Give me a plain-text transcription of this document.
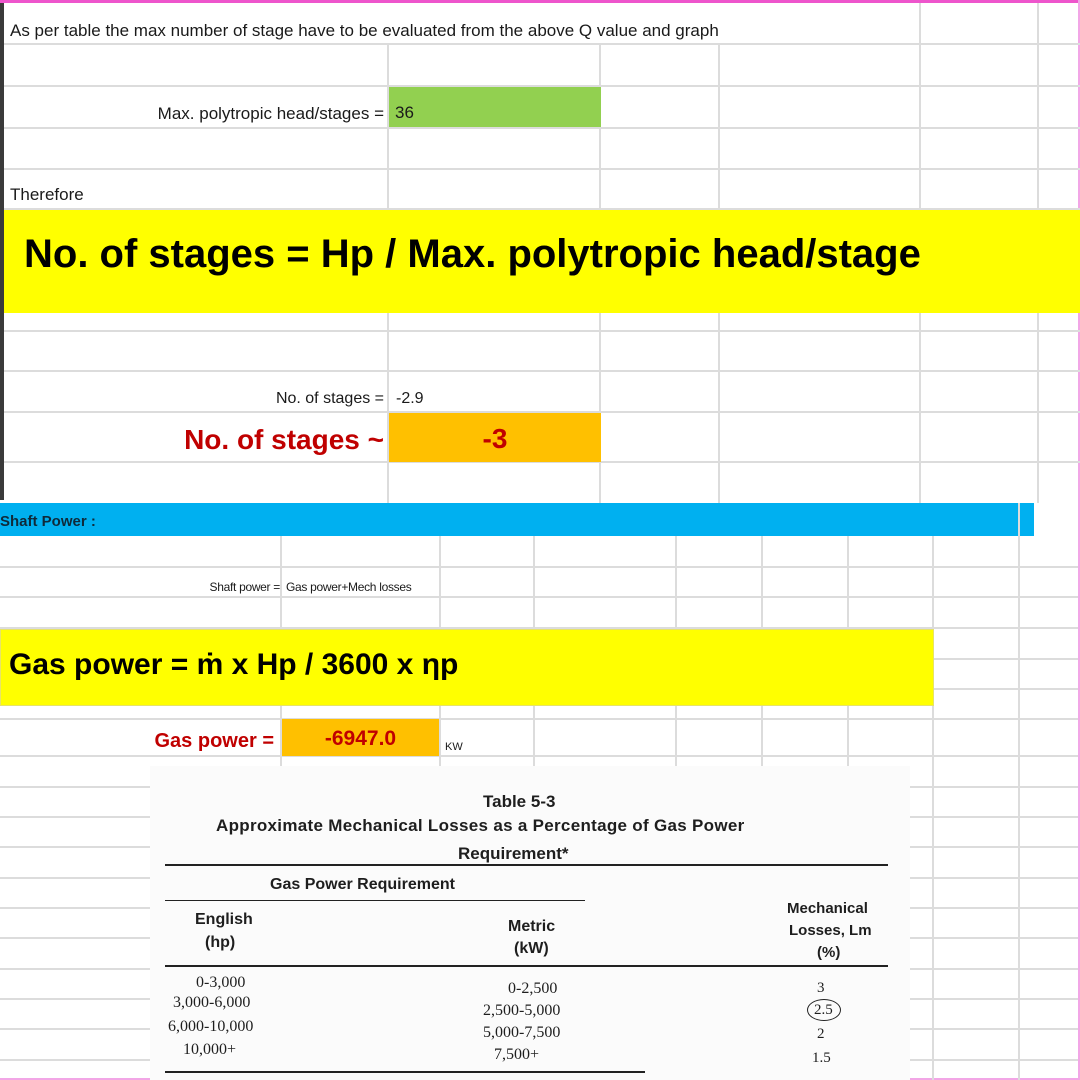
As per table the max number of stage have to be evaluated from the above Q value and graph
Max. polytropic head/stages = 36
Therefore
No. of stages = Hp / Max. polytropic head/stage
No. of stages = -2.9
No. of stages ~	-3
Shaft Power :
Shaft power = Gas power+Mech losses
Gas power = ṁ x Hp / 3600 x ηp
Gas power =	-6947.0	KW
Table 5-3
Approximate Mechanical Losses as a Percentage of Gas Power
Requirement*
Gas Power Requirement
English
(hp)
Metric
(kW)
Mechanical
Losses, Lm
(%)
0-3,000	0-2,500	3
3,000-6,000	2,500-5,000	2.5
6,000-10,000	5,000-7,500	2
10,000+	7,500+	1.5
